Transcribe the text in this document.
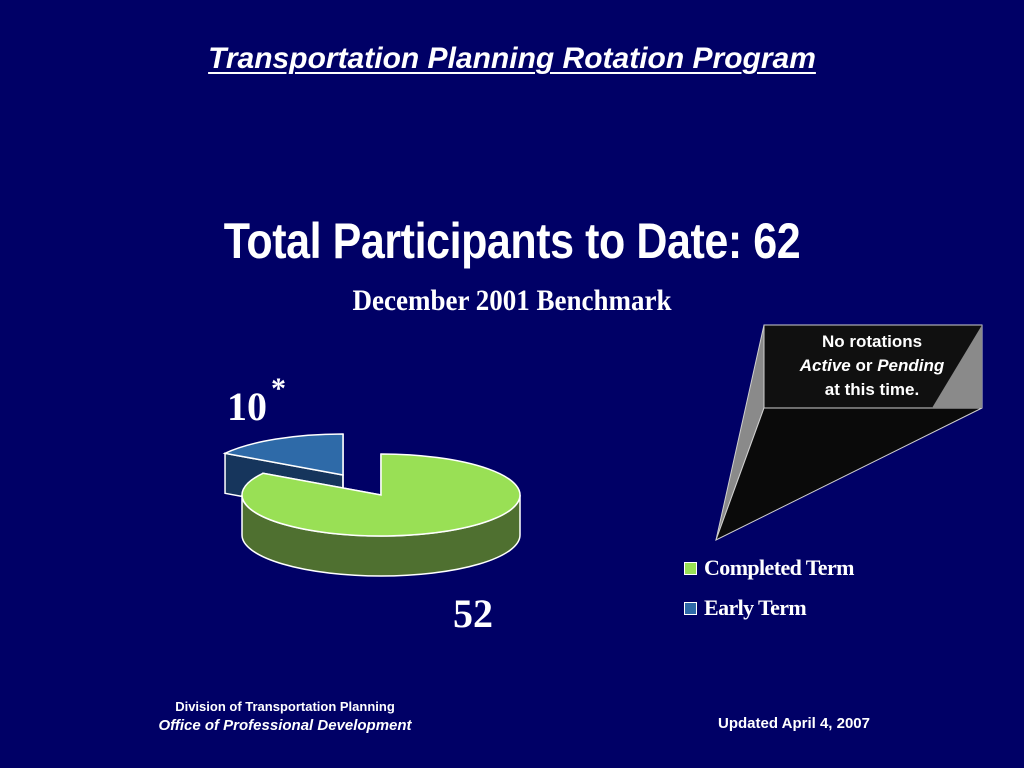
Transportation Planning Rotation Program
Total Participants to Date: 62
December 2001 Benchmark
No rotations
Active or Pending
at this time.
10 *
52
Completed Term
Early Term
Division of Transportation Planning
Office of Professional Development	Updated April 4, 2007
